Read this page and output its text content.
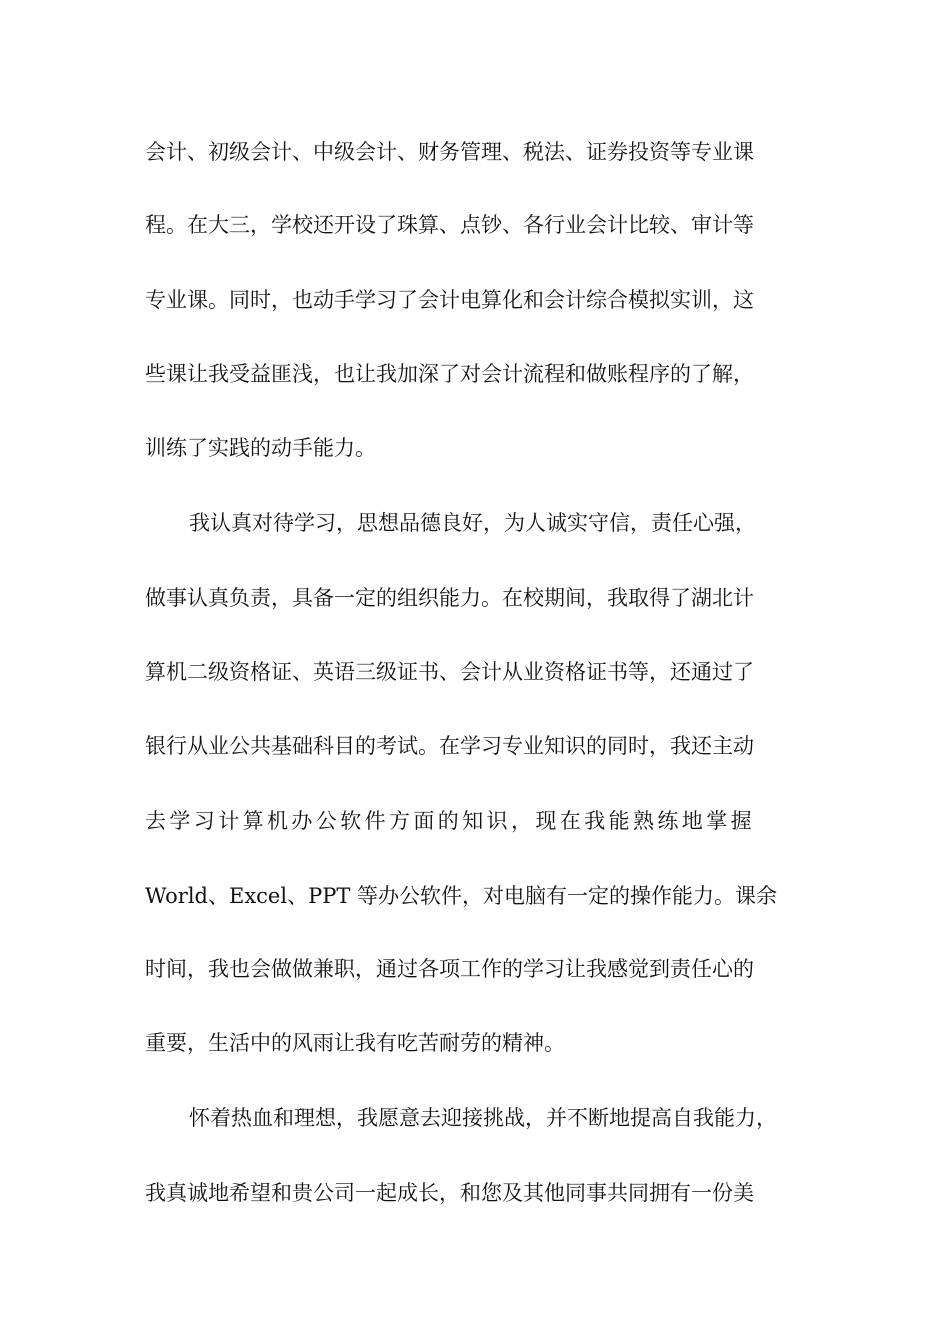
会计、初级会计、中级会计、财务管理、税法、证券投资等专业课
程。在大三，学校还开设了珠算、点钞、各行业会计比较、审计等
专业课。同时，也动手学习了会计电算化和会计综合模拟实训，这
些课让我受益匪浅，也让我加深了对会计流程和做账程序的了解，
训练了实践的动手能力。
我认真对待学习，思想品德良好，为人诚实守信，责任心强，
做事认真负责，具备一定的组织能力。在校期间，我取得了湖北计
算机二级资格证、英语三级证书、会计从业资格证书等，还通过了
银行从业公共基础科目的考试。在学习专业知识的同时，我还主动
去学习计算机办公软件方面的知识，现在我能熟练地掌握
World、Excel、PPT 等办公软件，对电脑有一定的操作能力。课余
时间，我也会做做兼职，通过各项工作的学习让我感觉到责任心的
重要，生活中的风雨让我有吃苦耐劳的精神。
怀着热血和理想，我愿意去迎接挑战，并不断地提高自我能力，
我真诚地希望和贵公司一起成长，和您及其他同事共同拥有一份美
